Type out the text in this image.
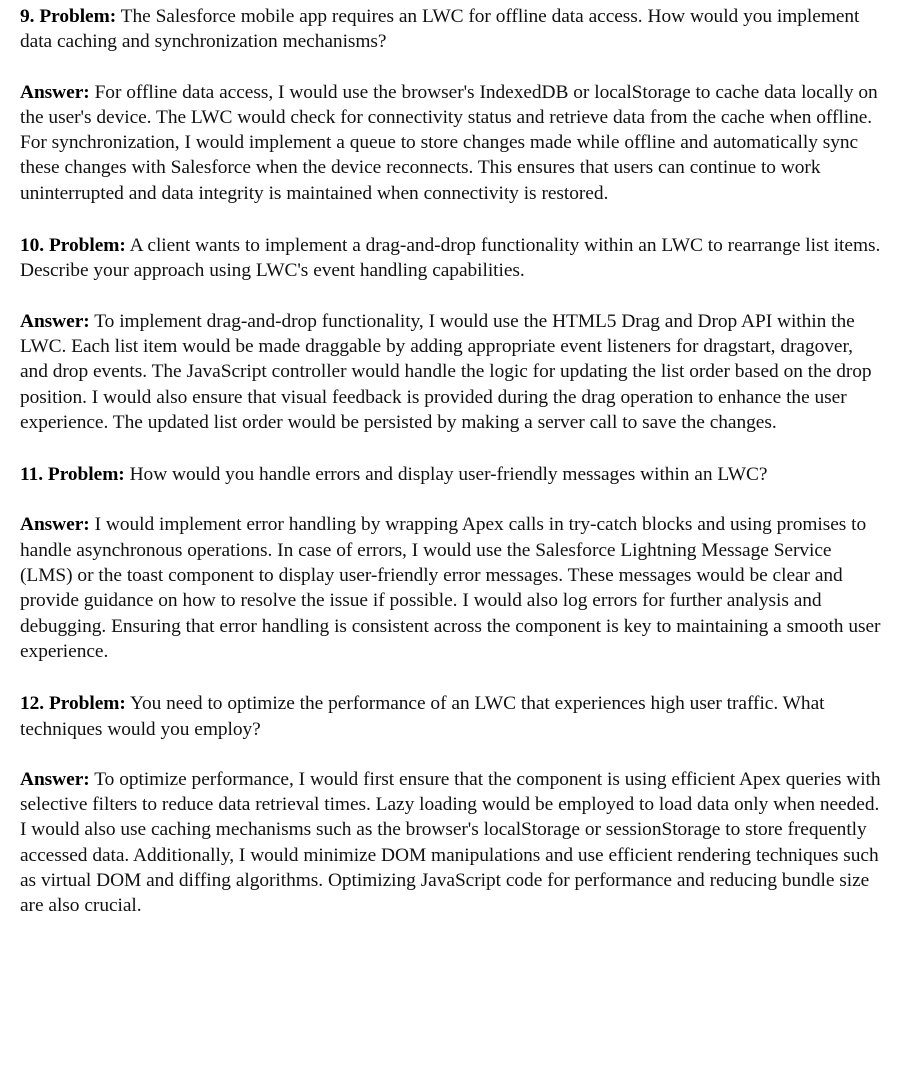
9. Problem: The Salesforce mobile app requires an LWC for offline data access. How would you implement data caching and synchronization mechanisms?

Answer: For offline data access, I would use the browser's IndexedDB or localStorage to cache data locally on the user's device. The LWC would check for connectivity status and retrieve data from the cache when offline. For synchronization, I would implement a queue to store changes made while offline and automatically sync these changes with Salesforce when the device reconnects. This ensures that users can continue to work uninterrupted and data integrity is maintained when connectivity is restored.

10. Problem: A client wants to implement a drag-and-drop functionality within an LWC to rearrange list items. Describe your approach using LWC's event handling capabilities.

Answer: To implement drag-and-drop functionality, I would use the HTML5 Drag and Drop API within the LWC. Each list item would be made draggable by adding appropriate event listeners for dragstart, dragover, and drop events. The JavaScript controller would handle the logic for updating the list order based on the drop position. I would also ensure that visual feedback is provided during the drag operation to enhance the user experience. The updated list order would be persisted by making a server call to save the changes.

11. Problem: How would you handle errors and display user-friendly messages within an LWC?

Answer: I would implement error handling by wrapping Apex calls in try-catch blocks and using promises to handle asynchronous operations. In case of errors, I would use the Salesforce Lightning Message Service (LMS) or the toast component to display user-friendly error messages. These messages would be clear and provide guidance on how to resolve the issue if possible. I would also log errors for further analysis and debugging. Ensuring that error handling is consistent across the component is key to maintaining a smooth user experience.

12. Problem: You need to optimize the performance of an LWC that experiences high user traffic. What techniques would you employ?

Answer: To optimize performance, I would first ensure that the component is using efficient Apex queries with selective filters to reduce data retrieval times. Lazy loading would be employed to load data only when needed. I would also use caching mechanisms such as the browser's localStorage or sessionStorage to store frequently accessed data. Additionally, I would minimize DOM manipulations and use efficient rendering techniques such as virtual DOM and diffing algorithms. Optimizing JavaScript code for performance and reducing bundle size are also crucial.
